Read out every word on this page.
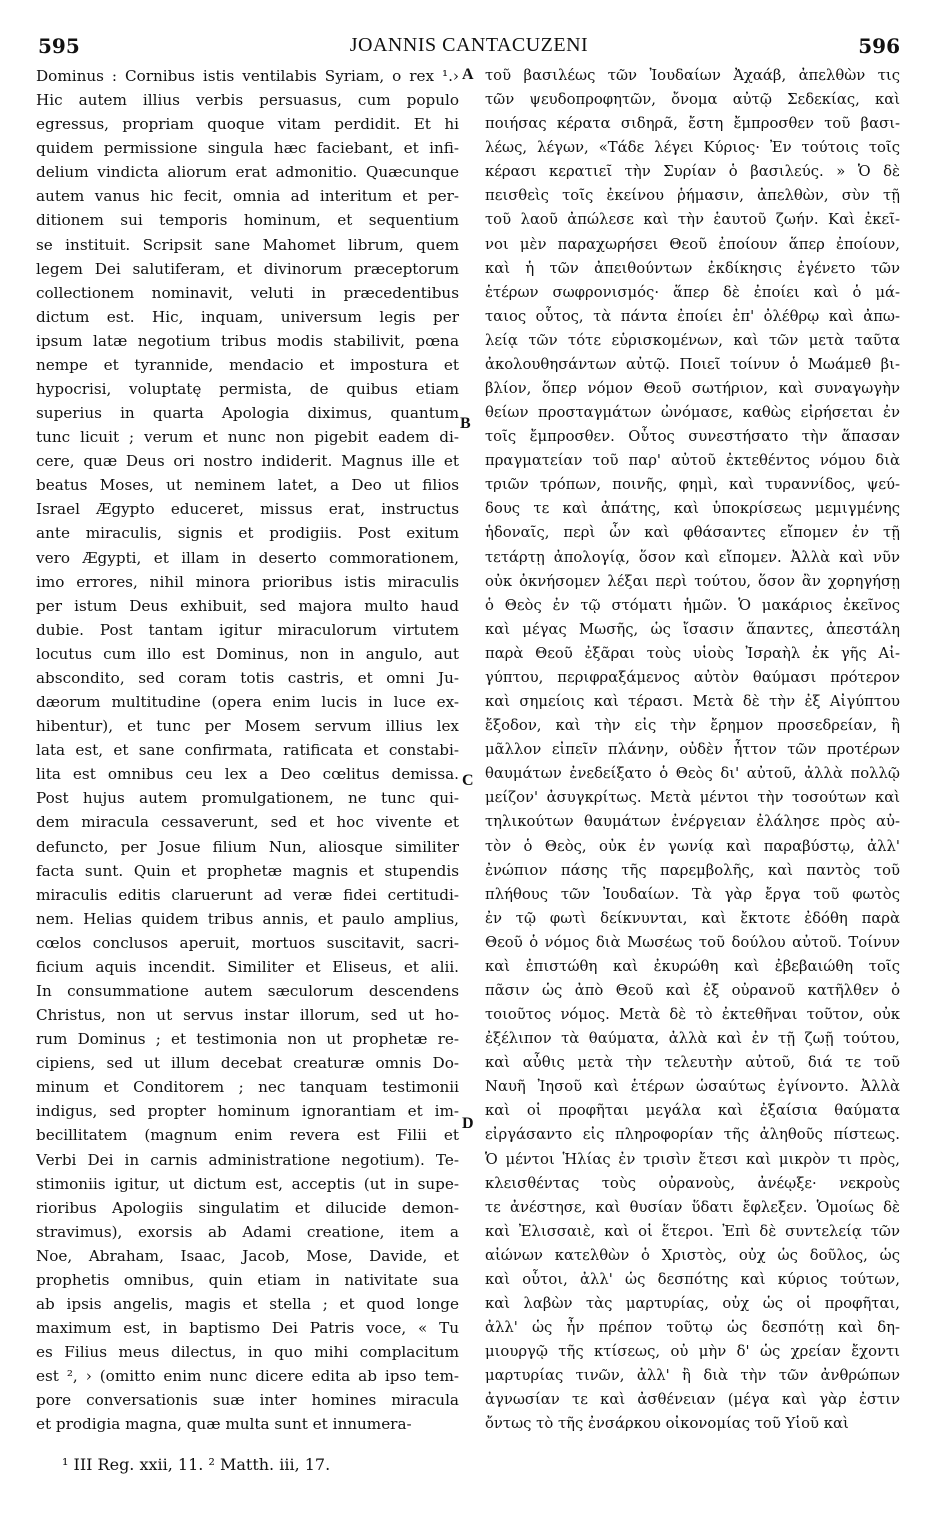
595	JOANNIS CANTACUZENI	596
Dominus : Cornibus istis ventilabis Syriam, o rex ¹.›
Hic autem illius verbis persuasus, cum populo
egressus, propriam quoque vitam perdidit. Et hi
quidem permissione singula hæc faciebant, et infi-
delium vindicta aliorum erat admonitio. Quæcunque
autem vanus hic fecit, omnia ad interitum et per-
ditionem sui temporis hominum, et sequentium
se instituit. Scripsit sane Mahomet librum, quem
legem Dei salutiferam, et divinorum præceptorum
collectionem nominavit, veluti in præcedentibus
dictum est. Hic, inquam, universum legis per
ipsum latæ negotium tribus modis stabilivit, pœna
nempe et tyrannide, mendacio et impostura et
hypocrisi, voluptatę permista, de quibus etiam
superius in quarta Apologia diximus, quantum
tunc licuit ; verum et nunc non pigebit eadem di-
cere, quæ Deus ori nostro indiderit. Magnus ille et
beatus Moses, ut neminem latet, a Deo ut filios
Israel Ægypto educeret, missus erat, instructus
ante miraculis, signis et prodigiis. Post exitum
vero Ægypti, et illam in deserto commorationem,
imo errores, nihil minora prioribus istis miraculis
per istum Deus exhibuit, sed majora multo haud
dubie. Post tantam igitur miraculorum virtutem
locutus cum illo est Dominus, non in angulo, aut
abscondito, sed coram totis castris, et omni Ju-
dæorum multitudine (opera enim lucis in luce ex-
hibentur), et tunc per Mosem servum illius lex
lata est, et sane confirmata, ratificata et constabi-
lita est omnibus ceu lex a Deo cœlitus demissa.
Post hujus autem promulgationem, ne tunc qui-
dem miracula cessaverunt, sed et hoc vivente et
defuncto, per Josue filium Nun, aliosque similiter
facta sunt. Quin et prophetæ magnis et stupendis
miraculis editis claruerunt ad veræ fidei certitudi-
nem. Helias quidem tribus annis, et paulo amplius,
cœlos conclusos aperuit, mortuos suscitavit, sacri-
ficium aquis incendit. Similiter et Eliseus, et alii.
In consummatione autem sæculorum descendens
Christus, non ut servus instar illorum, sed ut ho-
rum Dominus ; et testimonia non ut prophetæ re-
cipiens, sed ut illum decebat creaturæ omnis Do-
minum et Conditorem ; nec tanquam testimonii
indigus, sed propter hominum ignorantiam et im-
becillitatem (magnum enim revera est Filii et
Verbi Dei in carnis administratione negotium). Te-
stimoniis igitur, ut dictum est, acceptis (ut in supe-
rioribus Apologiis singulatim et dilucide demon-
stravimus), exorsis ab Adami creatione, item a
Noe, Abraham, Isaac, Jacob, Mose, Davide, et
prophetis omnibus, quin etiam in nativitate sua
ab ipsis angelis, magis et stella ; et quod longe
maximum est, in baptismo Dei Patris voce, « Tu
es Filius meus dilectus, in quo mihi complacitum
est ², › (omitto enim nunc dicere edita ab ipso tem-
pore conversationis suæ inter homines miracula
et prodigia magna, quæ multa sunt et innumera-
τοῦ βασιλέως τῶν Ἰουδαίων Ἀχαάβ, ἀπελθὼν τις
τῶν ψευδοπροφητῶν, ὄνομα αὐτῷ Σεδεκίας, καὶ
ποιήσας κέρατα σιδηρᾶ, ἔστη ἔμπροσθεν τοῦ βασι-
λέως, λέγων, «Τάδε λέγει Κύριος· Ἐν τούτοις τοῖς
κέρασι κερατιεῖ τὴν Συρίαν ὁ βασιλεύς. » Ὁ δὲ
πεισθεὶς τοῖς ἐκείνου ῥήμασιν, ἀπελθὼν, σὺν τῇ
τοῦ λαοῦ ἀπώλεσε καὶ τὴν ἑαυτοῦ ζωήν. Καὶ ἐκεῖ-
νοι μὲν παραχωρήσει Θεοῦ ἐποίουν ἅπερ ἐποίουν,
καὶ ἡ τῶν ἀπειθούντων ἐκδίκησις ἐγένετο τῶν
ἑτέρων σωφρονισμός· ἅπερ δὲ ἐποίει καὶ ὁ μά-
ταιος οὗτος, τὰ πάντα ἐποίει ἐπ' ὀλέθρῳ καὶ ἀπω-
λείᾳ τῶν τότε εὑρισκομένων, καὶ τῶν μετὰ ταῦτα
ἀκολουθησάντων αὐτῷ. Ποιεῖ τοίνυν ὁ Μωάμεθ βι-
βλίον, ὅπερ νόμον Θεοῦ σωτήριον, καὶ συναγωγὴν
θείων προσταγμάτων ὠνόμασε, καθὼς εἰρήσεται ἐν
τοῖς ἔμπροσθεν. Οὗτος συνεστήσατο τὴν ἅπασαν
πραγματείαν τοῦ παρ' αὐτοῦ ἐκτεθέντος νόμου διὰ
τριῶν τρόπων, ποινῆς, φημὶ, καὶ τυραννίδος, ψεύ-
δους τε καὶ ἀπάτης, καὶ ὑποκρίσεως μεμιγμένης
ἡδοναῖς, περὶ ὧν καὶ φθάσαντες εἴπομεν ἐν τῇ
τετάρτῃ ἀπολογίᾳ, ὅσον καὶ εἴπομεν. Ἀλλὰ καὶ νῦν
οὐκ ὀκνήσομεν λέξαι περὶ τούτου, ὅσον ἂν χορηγήσῃ
ὁ Θεὸς ἐν τῷ στόματι ἡμῶν. Ὁ μακάριος ἐκεῖνος
καὶ μέγας Μωσῆς, ὡς ἴσασιν ἅπαντες, ἀπεστάλη
παρὰ Θεοῦ ἐξᾶραι τοὺς υἱοὺς Ἰσραὴλ ἐκ γῆς Αἰ-
γύπτου, περιφραξάμενος αὐτὸν θαύμασι πρότερον
καὶ σημείοις καὶ τέρασι. Μετὰ δὲ τὴν ἐξ Αἰγύπτου
ἔξοδον, καὶ τὴν εἰς τὴν ἔρημον προσεδρείαν, ἢ
μᾶλλον εἰπεῖν πλάνην, οὐδὲν ἧττον τῶν προτέρων
θαυμάτων ἐνεδείξατο ὁ Θεὸς δι' αὐτοῦ, ἀλλὰ πολλῷ
μείζον' ἀσυγκρίτως. Μετὰ μέντοι τὴν τοσούτων καὶ
τηλικούτων θαυμάτων ἐνέργειαν ἐλάλησε πρὸς αὐ-
τὸν ὁ Θεὸς, οὐκ ἐν γωνίᾳ καὶ παραβύστῳ, ἀλλ'
ἐνώπιον πάσης τῆς παρεμβολῆς, καὶ παντὸς τοῦ
πλήθους τῶν Ἰουδαίων. Τὰ γὰρ ἔργα τοῦ φωτὸς
ἐν τῷ φωτὶ δείκνυνται, καὶ ἔκτοτε ἐδόθη παρὰ
Θεοῦ ὁ νόμος διὰ Μωσέως τοῦ δούλου αὐτοῦ. Τοίνυν
καὶ ἐπιστώθη καὶ ἐκυρώθη καὶ ἐβεβαιώθη τοῖς
πᾶσιν ὡς ἀπὸ Θεοῦ καὶ ἐξ οὐρανοῦ κατῆλθεν ὁ
τοιοῦτος νόμος. Μετὰ δὲ τὸ ἐκτεθῆναι τοῦτον, οὐκ
ἐξέλιπον τὰ θαύματα, ἀλλὰ καὶ ἐν τῇ ζωῇ τούτου,
καὶ αὖθις μετὰ τὴν τελευτὴν αὐτοῦ, διά τε τοῦ
Ναυῆ Ἰησοῦ καὶ ἑτέρων ὡσαύτως ἐγίνοντο. Ἀλλὰ
καὶ οἱ προφῆται μεγάλα καὶ ἐξαίσια θαύματα
εἰργάσαντο εἰς πληροφορίαν τῆς ἀληθοῦς πίστεως.
Ὁ μέντοι Ἡλίας ἐν τρισὶν ἔτεσι καὶ μικρὸν τι πρὸς,
κλεισθέντας τοὺς οὐρανοὺς, ἀνέῳξε· νεκροὺς
τε ἀνέστησε, καὶ θυσίαν ὕδατι ἔφλεξεν. Ὁμοίως δὲ
καὶ Ἐλισσαιὲ, καὶ οἱ ἕτεροι. Ἐπὶ δὲ συντελείᾳ τῶν
αἰώνων κατελθὼν ὁ Χριστὸς, οὐχ ὡς δοῦλος, ὡς
καὶ οὗτοι, ἀλλ' ὡς δεσπότης καὶ κύριος τούτων,
καὶ λαβὼν τὰς μαρτυρίας, οὐχ ὡς οἱ προφῆται,
ἀλλ' ὡς ἦν πρέπον τοῦτῳ ὡς δεσπότῃ καὶ δη-
μιουργῷ τῆς κτίσεως, οὐ μὴν δ' ὡς χρείαν ἔχοντι
μαρτυρίας τινῶν, ἀλλ' ἢ διὰ τὴν τῶν ἀνθρώπων
ἀγνωσίαν τε καὶ ἀσθένειαν (μέγα καὶ γὰρ ἐστιν
ὄντως τὸ τῆς ἐνσάρκου οἰκονομίας τοῦ Υἱοῦ καὶ
A
B
C
D
¹ III Reg. xxii, 11. ² Matth. iii, 17.
